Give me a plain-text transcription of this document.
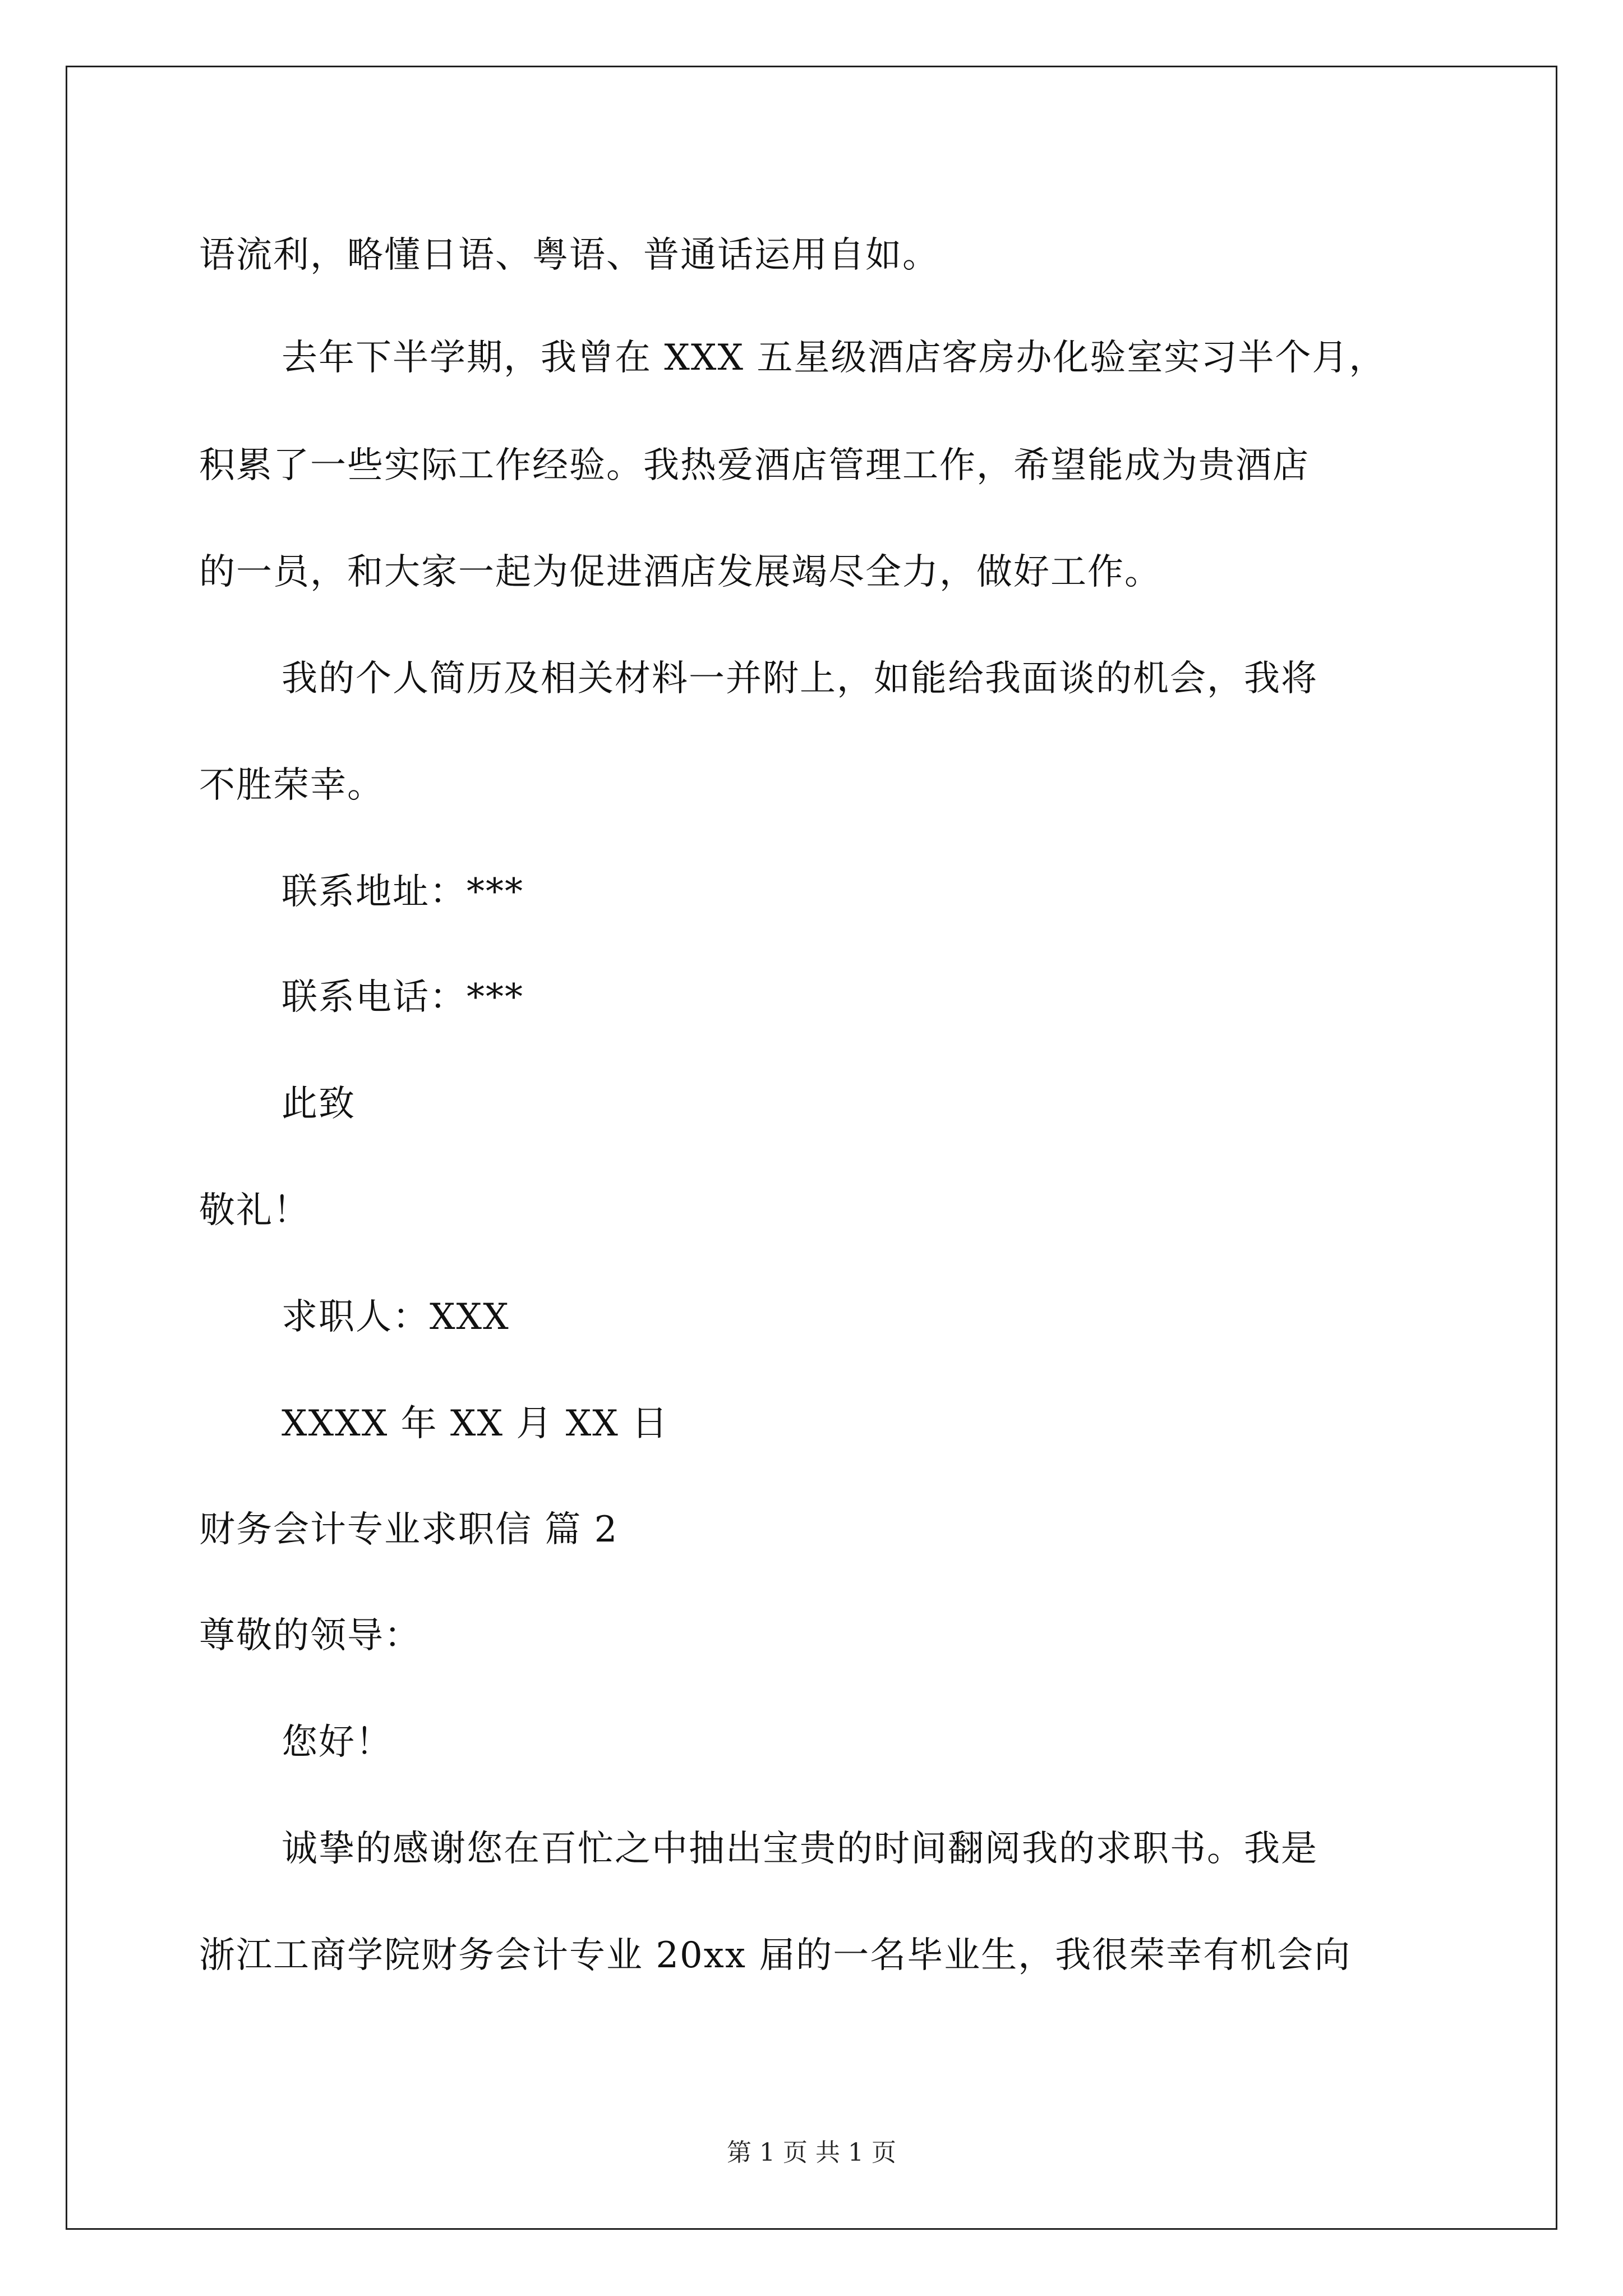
语流利，略懂日语、粤语、普通话运用自如。
去年下半学期，我曾在 XXX 五星级酒店客房办化验室实习半个月，
积累了一些实际工作经验。我热爱酒店管理工作，希望能成为贵酒店
的一员，和大家一起为促进酒店发展竭尽全力，做好工作。
我的个人简历及相关材料一并附上，如能给我面谈的机会，我将
不胜荣幸。
联系地址：***
联系电话：***
此致
敬礼！
求职人：XXX
XXXX 年 XX 月 XX 日
财务会计专业求职信 篇 2
尊敬的领导：
您好！
诚挚的感谢您在百忙之中抽出宝贵的时间翻阅我的求职书。我是
浙江工商学院财务会计专业 20xx 届的一名毕业生，我很荣幸有机会向
第 1 页 共 1 页
